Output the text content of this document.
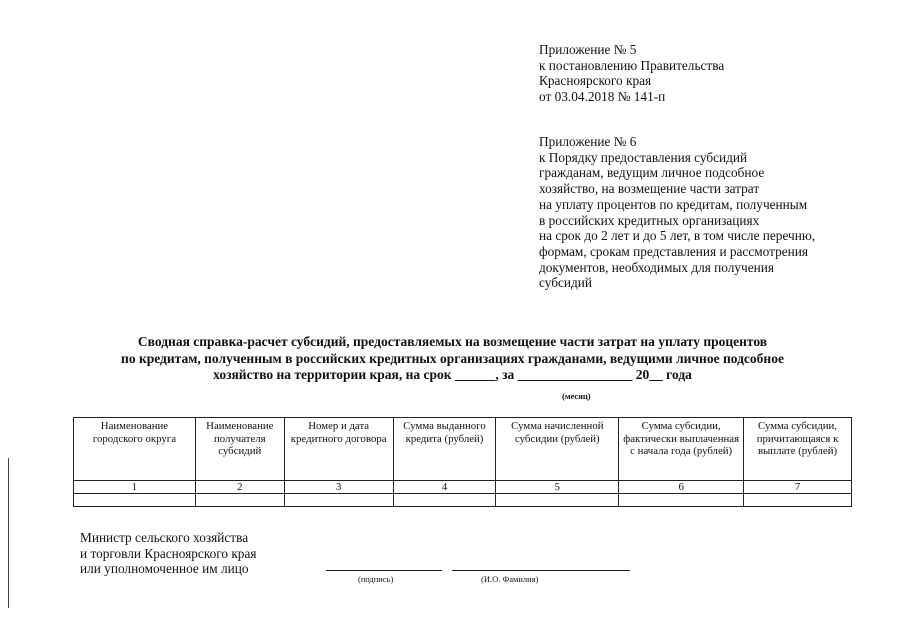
Приложение № 5
к постановлению Правительства
Красноярского края
от 03.04.2018 № 141-п
Приложение № 6
к Порядку предоставления субсидий
гражданам, ведущим личное подсобное
хозяйство, на возмещение части затрат
на уплату процентов по кредитам, полученным
в российских кредитных организациях
на срок до 2 лет и до 5 лет, в том числе перечню,
формам, срокам представления и рассмотрения
документов, необходимых для получения
субсидий
Сводная справка-расчет субсидий, предоставляемых на возмещение части затрат на уплату процентов
по кредитам, полученным в российских кредитных организациях гражданами, ведущими личное подсобное
хозяйство на территории края, на срок ______, за _________________ 20__ года
(месяц)
Наименование городского округа	Наименование получателя субсидий	Номер и дата кредитного договора	Сумма выданного кредита (рублей)	Сумма начисленной субсидии (рублей)	Сумма субсидии, фактически выплаченная с начала года (рублей)	Сумма субсидии, причитающаяся к выплате (рублей)
1	2	3	4	5	6	7

Министр сельского хозяйства
и торговли Красноярского края
или уполномоченное им лицо
(подпись)	(И.О. Фамилия)
